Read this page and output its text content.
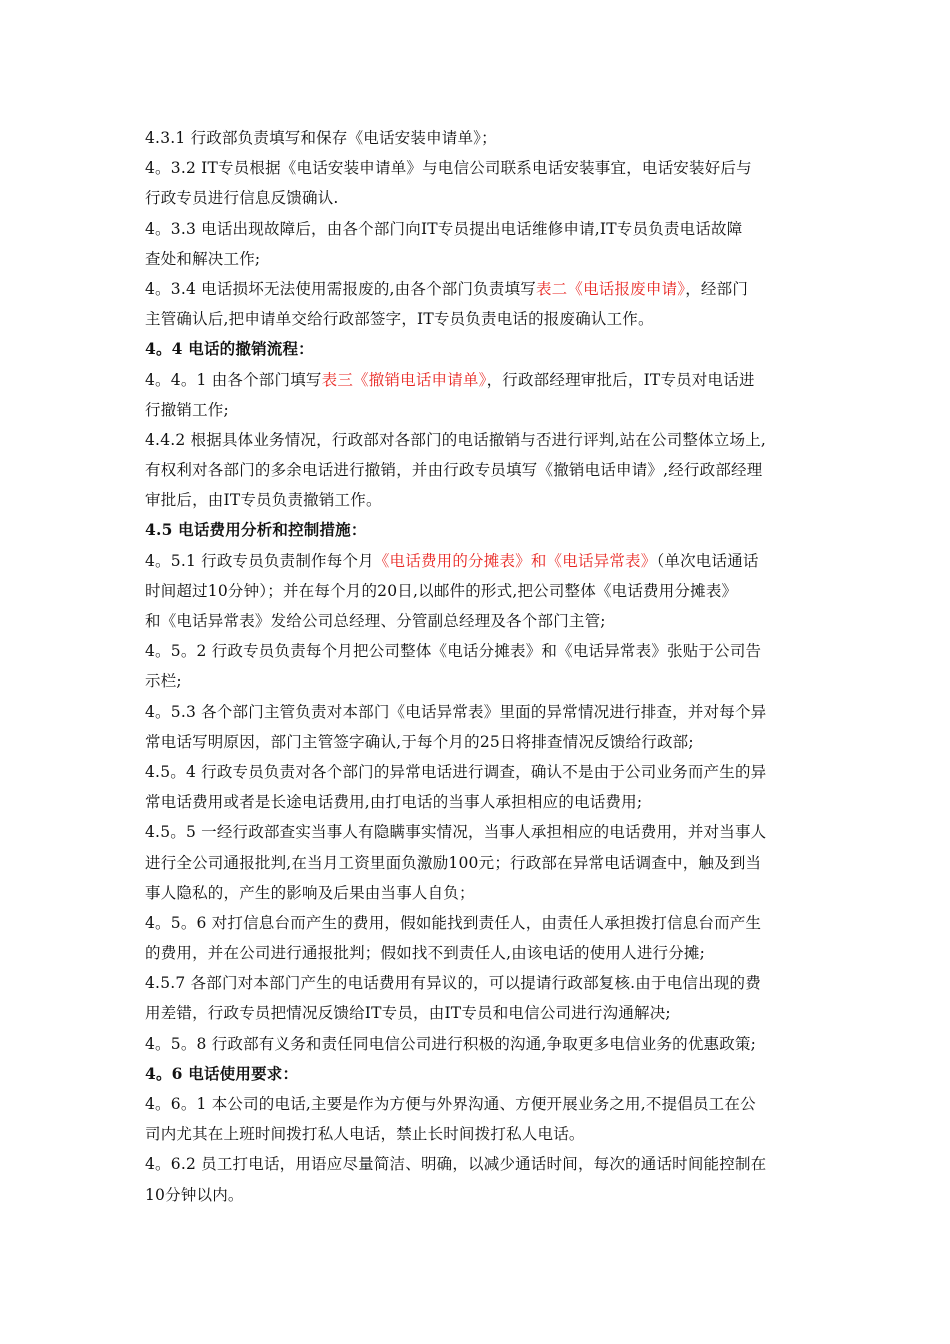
4.3.1 行政部负责填写和保存《电话安装申请单》；
4。3.2 IT专员根据《电话安装申请单》与电信公司联系电话安装事宜，电话安装好后与
行政专员进行信息反馈确认.
4。3.3 电话出现故障后，由各个部门向IT专员提出电话维修申请,IT专员负责电话故障
查处和解决工作;
4。3.4 电话损坏无法使用需报废的,由各个部门负责填写表二《电话报废申请》，经部门
主管确认后,把申请单交给行政部签字，IT专员负责电话的报废确认工作。
4。4 电话的撤销流程：
4。4。1 由各个部门填写表三《撤销电话申请单》，行政部经理审批后，IT专员对电话进
行撤销工作;
4.4.2 根据具体业务情况，行政部对各部门的电话撤销与否进行评判,站在公司整体立场上,
有权利对各部门的多余电话进行撤销，并由行政专员填写《撤销电话申请》,经行政部经理
审批后，由IT专员负责撤销工作。
4.5 电话费用分析和控制措施：
4。5.1 行政专员负责制作每个月《电话费用的分摊表》和《电话异常表》（单次电话通话
时间超过10分钟）；并在每个月的20日,以邮件的形式,把公司整体《电话费用分摊表》
和《电话异常表》发给公司总经理、分管副总经理及各个部门主管;
4。5。2 行政专员负责每个月把公司整体《电话分摊表》和《电话异常表》张贴于公司告
示栏;
4。5.3 各个部门主管负责对本部门《电话异常表》里面的异常情况进行排查，并对每个异
常电话写明原因，部门主管签字确认,于每个月的25日将排查情况反馈给行政部;
4.5。4 行政专员负责对各个部门的异常电话进行调查，确认不是由于公司业务而产生的异
常电话费用或者是长途电话费用,由打电话的当事人承担相应的电话费用;
4.5。5 一经行政部查实当事人有隐瞒事实情况，当事人承担相应的电话费用，并对当事人
进行全公司通报批判,在当月工资里面负激励100元；行政部在异常电话调查中，触及到当
事人隐私的，产生的影响及后果由当事人自负；
4。5。6 对打信息台而产生的费用，假如能找到责任人，由责任人承担拨打信息台而产生
的费用，并在公司进行通报批判；假如找不到责任人,由该电话的使用人进行分摊;
4.5.7 各部门对本部门产生的电话费用有异议的，可以提请行政部复核.由于电信出现的费
用差错，行政专员把情况反馈给IT专员，由IT专员和电信公司进行沟通解决;
4。5。8 行政部有义务和责任同电信公司进行积极的沟通,争取更多电信业务的优惠政策;
4。6 电话使用要求：
4。6。1 本公司的电话,主要是作为方便与外界沟通、方便开展业务之用,不提倡员工在公
司内尤其在上班时间拨打私人电话，禁止长时间拨打私人电话。
4。6.2 员工打电话，用语应尽量简洁、明确，以减少通话时间，每次的通话时间能控制在
10分钟以内。
